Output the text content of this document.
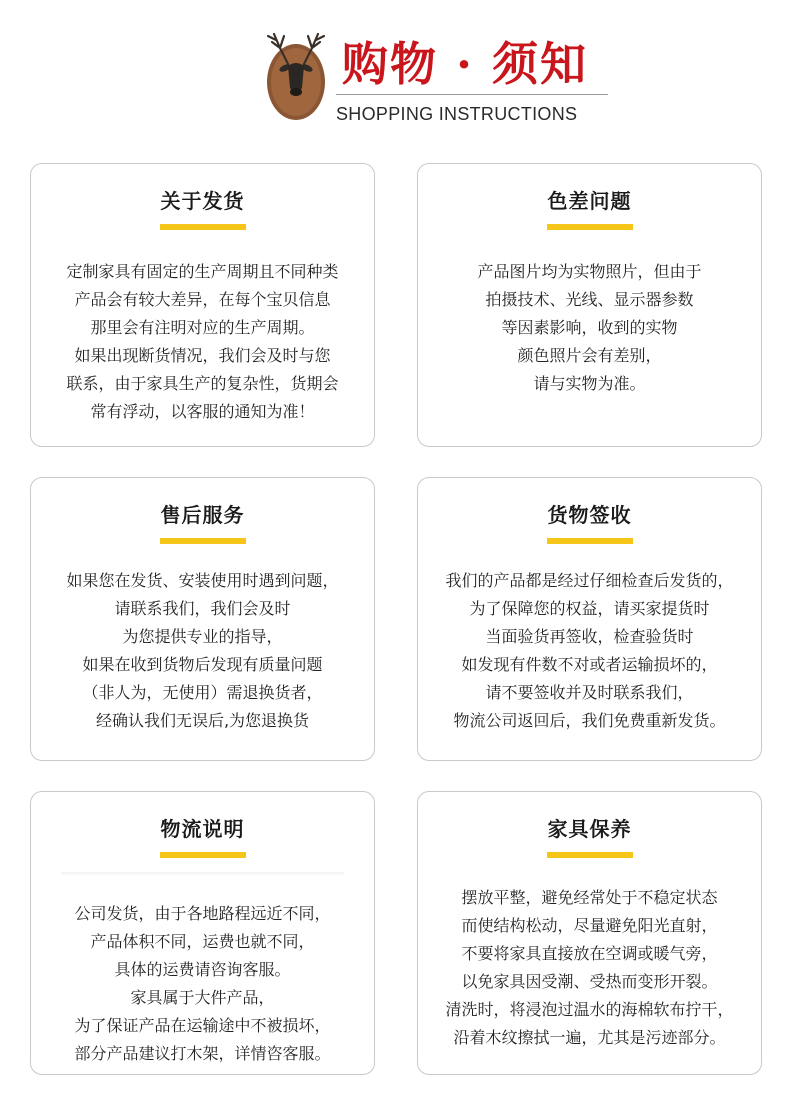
购物 · 须知
SHOPPING INSTRUCTIONS
关于发货
定制家具有固定的生产周期且不同种类
产品会有较大差异，在每个宝贝信息
那里会有注明对应的生产周期。
如果出现断货情况，我们会及时与您
联系，由于家具生产的复杂性，货期会
常有浮动，以客服的通知为准！
色差问题
产品图片均为实物照片，但由于
拍摄技术、光线、显示器参数
等因素影响，收到的实物
颜色照片会有差别，
请与实物为准。
售后服务
如果您在发货、安装使用时遇到问题，
请联系我们，我们会及时
为您提供专业的指导，
如果在收到货物后发现有质量问题
（非人为，无使用）需退换货者，
经确认我们无误后,为您退换货
货物签收
我们的产品都是经过仔细检查后发货的，
为了保障您的权益，请买家提货时
当面验货再签收，检查验货时
如发现有件数不对或者运输损坏的，
请不要签收并及时联系我们，
物流公司返回后，我们免费重新发货。
物流说明
公司发货，由于各地路程远近不同，
产品体积不同，运费也就不同，
具体的运费请咨询客服。
家具属于大件产品，
为了保证产品在运输途中不被损坏，
部分产品建议打木架，详情咨客服。
家具保养
摆放平整，避免经常处于不稳定状态
而使结构松动，尽量避免阳光直射，
不要将家具直接放在空调或暖气旁，
以免家具因受潮、受热而变形开裂。
清洗时，将浸泡过温水的海棉软布拧干，
沿着木纹擦拭一遍，尤其是污迹部分。
